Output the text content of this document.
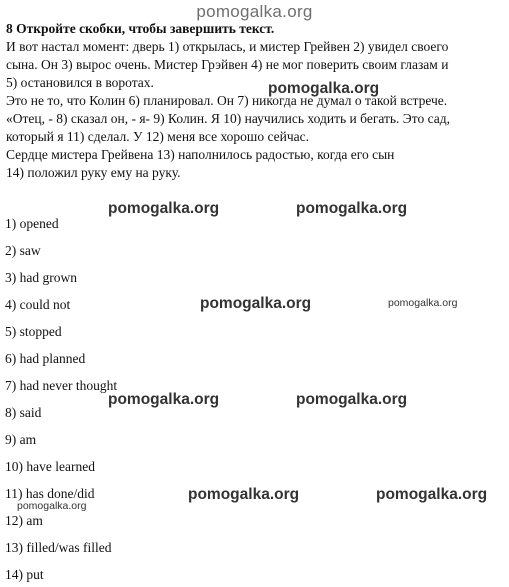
pomogalka.org
8 Откройте скобки, чтобы завершить текст.

И вот настал момент: дверь 1) открылась, и мистер Грейвен 2) увидел своего

сына. Он 3) вырос очень. Мистер Грэйвен 4) не мог поверить своим глазам и

5) остановился в воротах.

Это не то, что Колин 6) планировал. Он 7) никогда не думал о такой встрече.

«Отец, - 8) сказал он, - я- 9) Колин. Я 10) научились ходить и бегать. Это сад,

который я 11) сделал. У 12) меня все хорошо сейчас.

Сердце мистера Грейвена 13) наполнилось радостью, когда его сын

14) положил руку ему на руку.

1) opened
2) saw
3) had grown
4) could not
5) stopped
6) had planned
7) had never thought
8) said
9) am
10) have learned
11) has done/did
12) am
13) filled/was filled
14) put
pomogalka.org
pomogalka.org	pomogalka.org
pomogalka.org	pomogalka.org
pomogalka.org	pomogalka.org
pomogalka.org	pomogalka.org
pomogalka.org
